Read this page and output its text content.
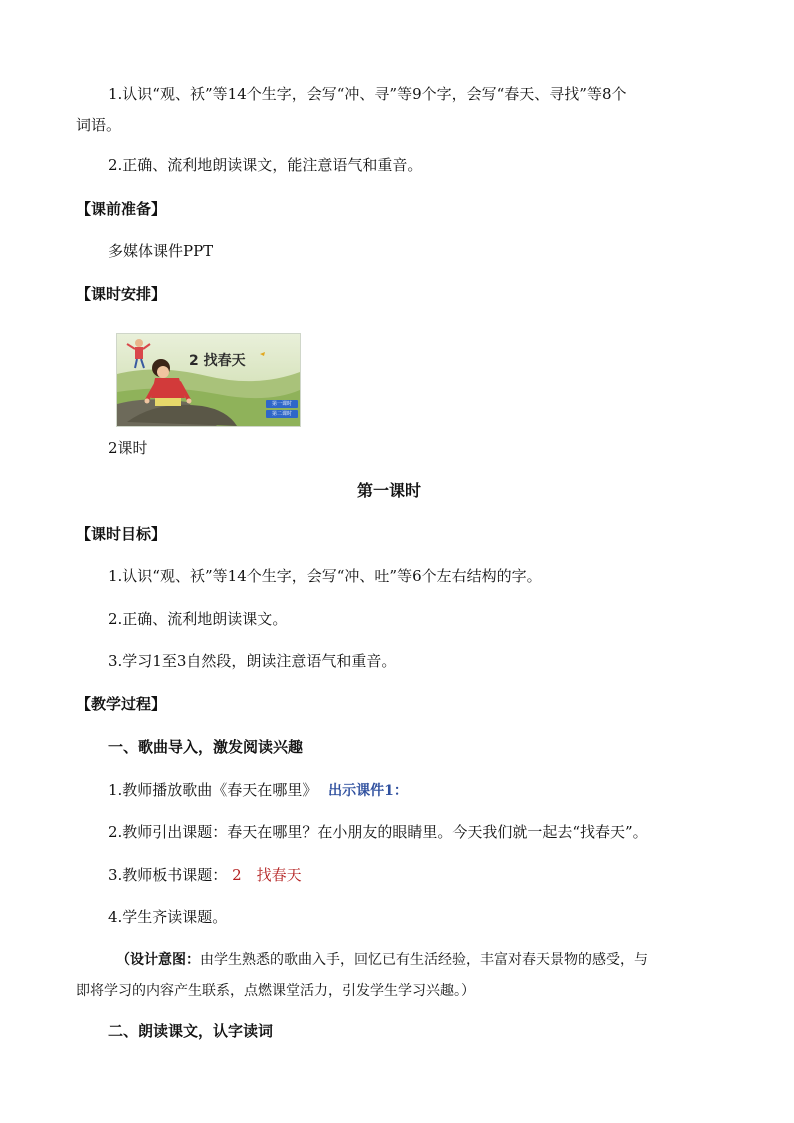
1.认识“观、袄”等14个生字，会写“冲、寻”等9个字，会写“春天、寻找”等8个
词语。
2.正确、流利地朗读课文，能注意语气和重音。
【课前准备】
多媒体课件PPT
【课时安排】
2 找春天
第一课时
第二课时
2课时
第一课时
【课时目标】
1.认识“观、袄”等14个生字，会写“冲、吐”等6个左右结构的字。
2.正确、流利地朗读课文。
3.学习1至3自然段，朗读注意语气和重音。
【教学过程】
一、歌曲导入，激发阅读兴趣
1.教师播放歌曲《春天在哪里》 出示课件1：
2.教师引出课题：春天在哪里？在小朋友的眼睛里。今天我们就一起去“找春天”。
3.教师板书课题： 2　找春天
4.学生齐读课题。
（设计意图：由学生熟悉的歌曲入手，回忆已有生活经验，丰富对春天景物的感受，与
即将学习的内容产生联系，点燃课堂活力，引发学生学习兴趣。）
二、朗读课文，认字读词
